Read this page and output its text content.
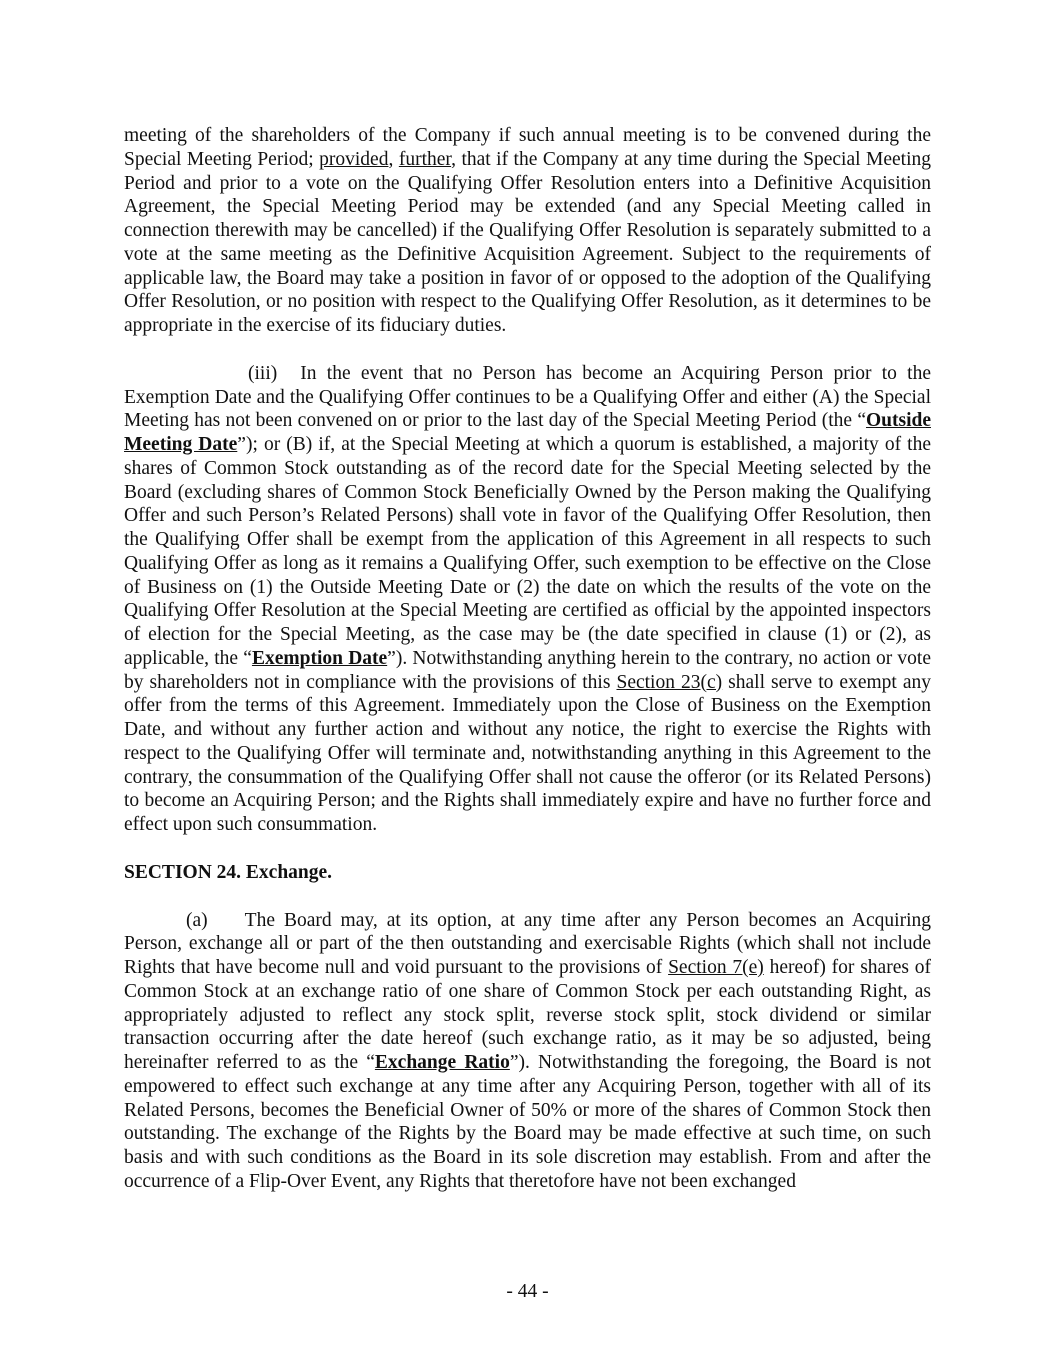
meeting of the shareholders of the Company if such annual meeting is to be convened during the Special Meeting Period; provided, further, that if the Company at any time during the Special Meeting Period and prior to a vote on the Qualifying Offer Resolution enters into a Definitive Acquisition Agreement, the Special Meeting Period may be extended (and any Special Meeting called in connection therewith may be cancelled) if the Qualifying Offer Resolution is separately submitted to a vote at the same meeting as the Definitive Acquisition Agreement. Subject to the requirements of applicable law, the Board may take a position in favor of or opposed to the adoption of the Qualifying Offer Resolution, or no position with respect to the Qualifying Offer Resolution, as it determines to be appropriate in the exercise of its fiduciary duties.

(iii) In the event that no Person has become an Acquiring Person prior to the Exemption Date and the Qualifying Offer continues to be a Qualifying Offer and either (A) the Special Meeting has not been convened on or prior to the last day of the Special Meeting Period (the “Outside Meeting Date”); or (B) if, at the Special Meeting at which a quorum is established, a majority of the shares of Common Stock outstanding as of the record date for the Special Meeting selected by the Board (excluding shares of Common Stock Beneficially Owned by the Person making the Qualifying Offer and such Person’s Related Persons) shall vote in favor of the Qualifying Offer Resolution, then the Qualifying Offer shall be exempt from the application of this Agreement in all respects to such Qualifying Offer as long as it remains a Qualifying Offer, such exemption to be effective on the Close of Business on (1) the Outside Meeting Date or (2) the date on which the results of the vote on the Qualifying Offer Resolution at the Special Meeting are certified as official by the appointed inspectors of election for the Special Meeting, as the case may be (the date specified in clause (1) or (2), as applicable, the “Exemption Date”). Notwithstanding anything herein to the contrary, no action or vote by shareholders not in compliance with the provisions of this Section 23(c) shall serve to exempt any offer from the terms of this Agreement. Immediately upon the Close of Business on the Exemption Date, and without any further action and without any notice, the right to exercise the Rights with respect to the Qualifying Offer will terminate and, notwithstanding anything in this Agreement to the contrary, the consummation of the Qualifying Offer shall not cause the offeror (or its Related Persons) to become an Acquiring Person; and the Rights shall immediately expire and have no further force and effect upon such consummation.

SECTION 24. Exchange.

(a) The Board may, at its option, at any time after any Person becomes an Acquiring Person, exchange all or part of the then outstanding and exercisable Rights (which shall not include Rights that have become null and void pursuant to the provisions of Section 7(e) hereof) for shares of Common Stock at an exchange ratio of one share of Common Stock per each outstanding Right, as appropriately adjusted to reflect any stock split, reverse stock split, stock dividend or similar transaction occurring after the date hereof (such exchange ratio, as it may be so adjusted, being hereinafter referred to as the “Exchange Ratio”). Notwithstanding the foregoing, the Board is not empowered to effect such exchange at any time after any Acquiring Person, together with all of its Related Persons, becomes the Beneficial Owner of 50% or more of the shares of Common Stock then outstanding. The exchange of the Rights by the Board may be made effective at such time, on such basis and with such conditions as the Board in its sole discretion may establish. From and after the occurrence of a Flip-Over Event, any Rights that theretofore have not been exchanged

- 44 -
